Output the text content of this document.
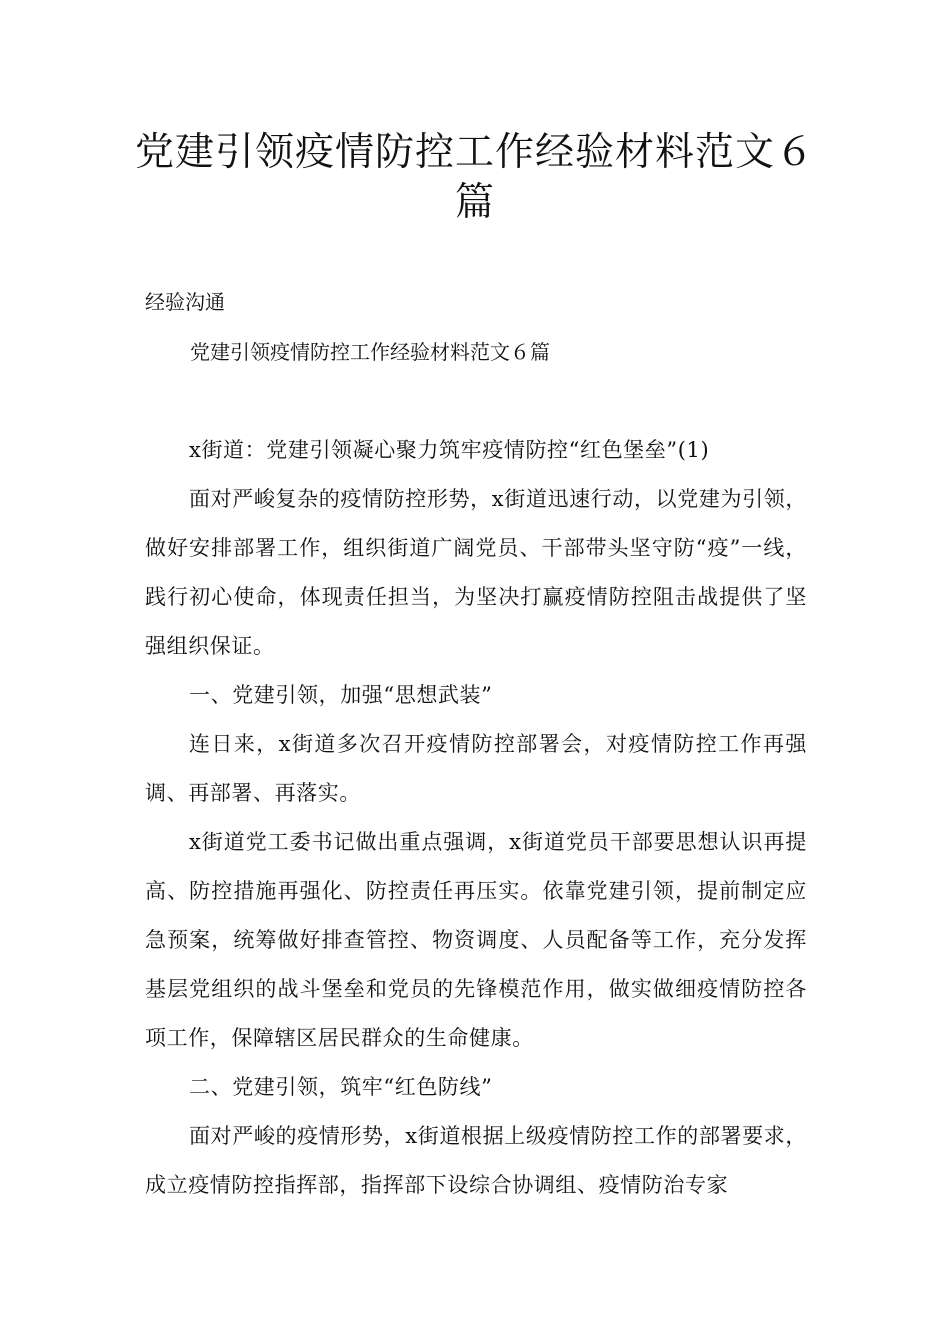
党建引领疫情防控工作经验材料范文６篇

经验沟通

党建引领疫情防控工作经验材料范文６篇

x街道：党建引领凝心聚力筑牢疫情防控“红色堡垒”(1)

面对严峻复杂的疫情防控形势，x街道迅速行动，以党建为引领，做好安排部署工作，组织街道广阔党员、干部带头坚守防“疫”一线，践行初心使命，体现责任担当，为坚决打赢疫情防控阻击战提供了坚强组织保证。

一、党建引领，加强“思想武装”

连日来，x街道多次召开疫情防控部署会，对疫情防控工作再强调、再部署、再落实。

x街道党工委书记做出重点强调，x街道党员干部要思想认识再提高、防控措施再强化、防控责任再压实。依靠党建引领，提前制定应急预案，统筹做好排查管控、物资调度、人员配备等工作，充分发挥基层党组织的战斗堡垒和党员的先锋模范作用，做实做细疫情防控各项工作，保障辖区居民群众的生命健康。

二、党建引领，筑牢“红色防线”

面对严峻的疫情形势，x街道根据上级疫情防控工作的部署要求，成立疫情防控指挥部，指挥部下设综合协调组、疫情防治专家
